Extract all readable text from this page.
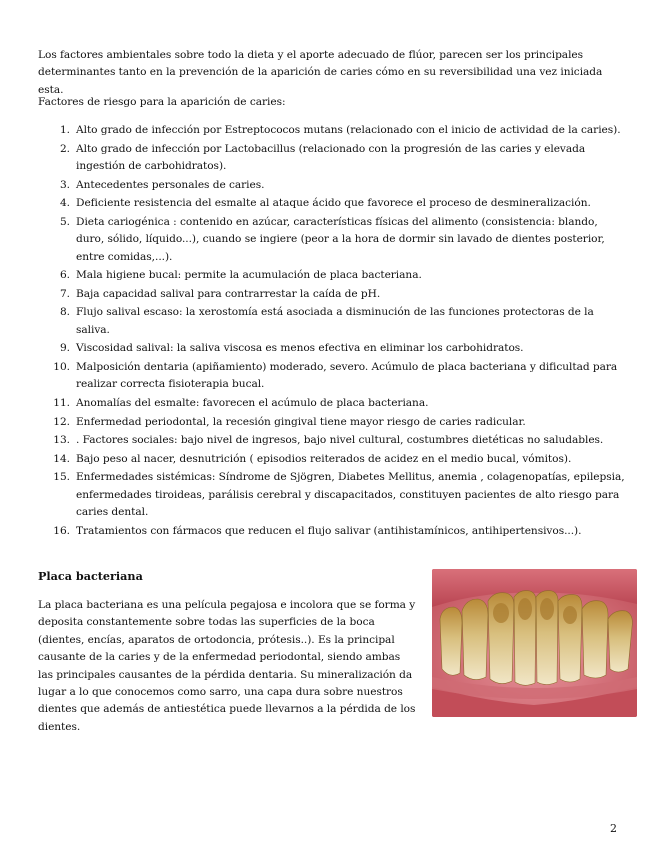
Los factores ambientales sobre todo la dieta y el aporte adecuado de flúor, parecen ser los principales determinantes tanto en la prevención de la aparición de caries cómo en su reversibilidad una vez iniciada esta.

Factores de riesgo para la aparición de caries:

1. Alto grado de infección por Estreptococos mutans (relacionado con el inicio de actividad de la caries).
2. Alto grado de infección por Lactobacillus (relacionado con la progresión de las caries y elevada ingestión de carbohidratos).
3. Antecedentes personales de caries.
4. Deficiente resistencia del esmalte al ataque ácido que favorece el proceso de desmineralización.
5. Dieta cariogénica : contenido en azúcar, características físicas del alimento (consistencia: blando, duro, sólido, líquido...), cuando se ingiere (peor a la hora de dormir sin lavado de dientes posterior, entre comidas,...).
6. Mala higiene bucal: permite la acumulación de placa bacteriana.
7. Baja capacidad salival para contrarrestar la caída de pH.
8. Flujo salival escaso: la xerostomía está asociada a disminución de las funciones protectoras de la saliva.
9. Viscosidad salival: la saliva viscosa es menos efectiva en eliminar los carbohidratos.
10. Malposición dentaria (apiñamiento) moderado, severo. Acúmulo de placa bacteriana y dificultad para realizar correcta fisioterapia bucal.
11. Anomalías del esmalte: favorecen el acúmulo de placa bacteriana.
12. Enfermedad periodontal, la recesión gingival tiene mayor riesgo de caries radicular.
13. . Factores sociales: bajo nivel de ingresos, bajo nivel cultural, costumbres dietéticas no saludables.
14. Bajo peso al nacer, desnutrición ( episodios reiterados de acidez en el medio bucal, vómitos).
15. Enfermedades sistémicas: Síndrome de Sjögren, Diabetes Mellitus, anemia , colagenopatías, epilepsia, enfermedades tiroideas, parálisis cerebral y discapacitados, constituyen pacientes de alto riesgo para caries dental.
16. Tratamientos con fármacos que reducen el flujo salivar (antihistamínicos, antihipertensivos...).

Placa bacteriana

La placa bacteriana es una película pegajosa e incolora que se forma y deposita constantemente sobre todas las superficies de la boca (dientes, encías, aparatos de ortodoncia, prótesis..). Es la principal causante de la caries y de la enfermedad periodontal, siendo ambas las principales causantes de la pérdida dentaria. Su mineralización da lugar a lo que conocemos como sarro, una capa dura sobre nuestros dientes que además de antiestética puede llevarnos a la pérdida de los dientes.

2
